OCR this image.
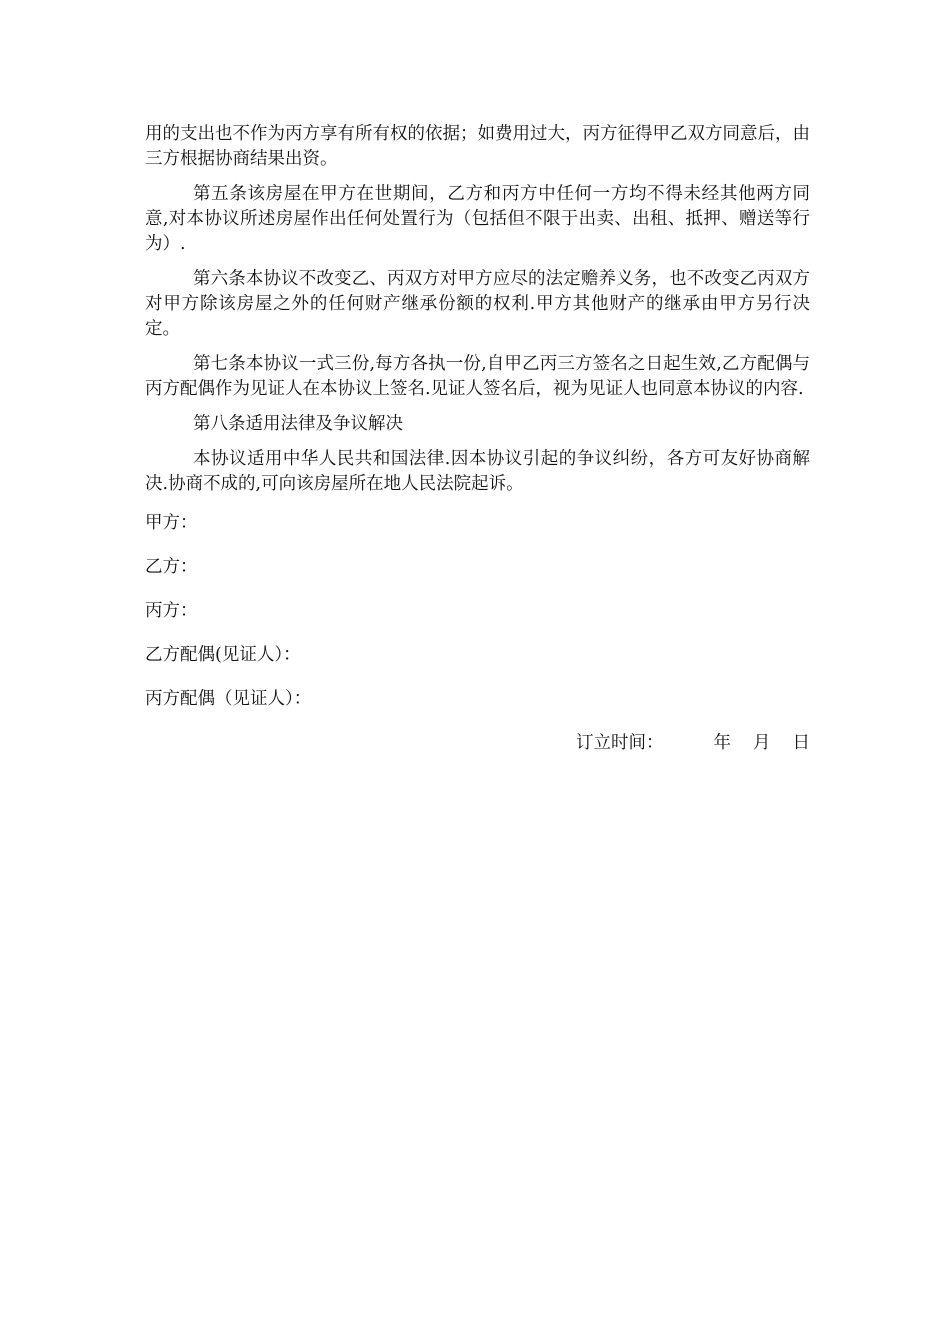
用的支出也不作为丙方享有所有权的依据；如费用过大，丙方征得甲乙双方同意后，由三方根据协商结果出资。

第五条该房屋在甲方在世期间，乙方和丙方中任何一方均不得未经其他两方同意,对本协议所述房屋作出任何处置行为（包括但不限于出卖、出租、抵押、赠送等行为）.

第六条本协议不改变乙、丙双方对甲方应尽的法定赡养义务，也不改变乙丙双方对甲方除该房屋之外的任何财产继承份额的权利.甲方其他财产的继承由甲方另行决定。

第七条本协议一式三份,每方各执一份,自甲乙丙三方签名之日起生效,乙方配偶与丙方配偶作为见证人在本协议上签名.见证人签名后，视为见证人也同意本协议的内容.

第八条适用法律及争议解决

本协议适用中华人民共和国法律.因本协议引起的争议纠纷，各方可友好协商解决.协商不成的,可向该房屋所在地人民法院起诉。

甲方：
乙方：
丙方：
乙方配偶(见证人）：
丙方配偶（见证人）：
订立时间：	年 月 日
